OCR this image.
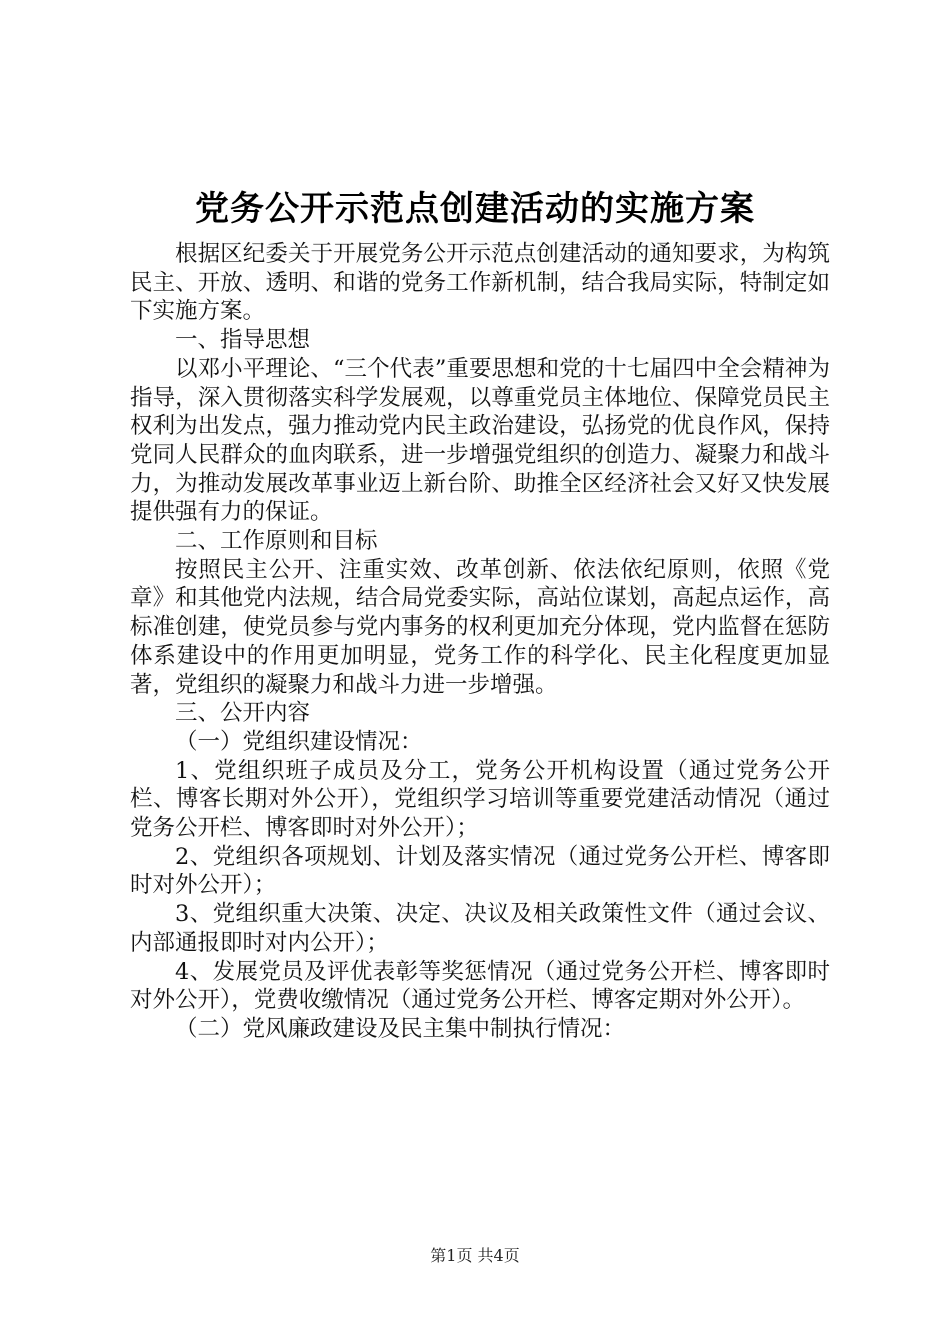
党务公开示范点创建活动的实施方案

根据区纪委关于开展党务公开示范点创建活动的通知要求，为构筑民主、开放、透明、和谐的党务工作新机制，结合我局实际，特制定如下实施方案。

一、指导思想

以邓小平理论、“三个代表”重要思想和党的十七届四中全会精神为指导，深入贯彻落实科学发展观，以尊重党员主体地位、保障党员民主权利为出发点，强力推动党内民主政治建设，弘扬党的优良作风，保持党同人民群众的血肉联系，进一步增强党组织的创造力、凝聚力和战斗力，为推动发展改革事业迈上新台阶、助推全区经济社会又好又快发展提供强有力的保证。

二、工作原则和目标

按照民主公开、注重实效、改革创新、依法依纪原则，依照《党章》和其他党内法规，结合局党委实际，高站位谋划，高起点运作，高标准创建，使党员参与党内事务的权利更加充分体现，党内监督在惩防体系建设中的作用更加明显，党务工作的科学化、民主化程度更加显著，党组织的凝聚力和战斗力进一步增强。

三、公开内容

（一）党组织建设情况：

1、党组织班子成员及分工，党务公开机构设置（通过党务公开栏、博客长期对外公开），党组织学习培训等重要党建活动情况（通过党务公开栏、博客即时对外公开）；

2、党组织各项规划、计划及落实情况（通过党务公开栏、博客即时对外公开）；

3、党组织重大决策、决定、决议及相关政策性文件（通过会议、内部通报即时对内公开）；

4、发展党员及评优表彰等奖惩情况（通过党务公开栏、博客即时对外公开），党费收缴情况（通过党务公开栏、博客定期对外公开）。

（二）党风廉政建设及民主集中制执行情况：

第1页 共4页
